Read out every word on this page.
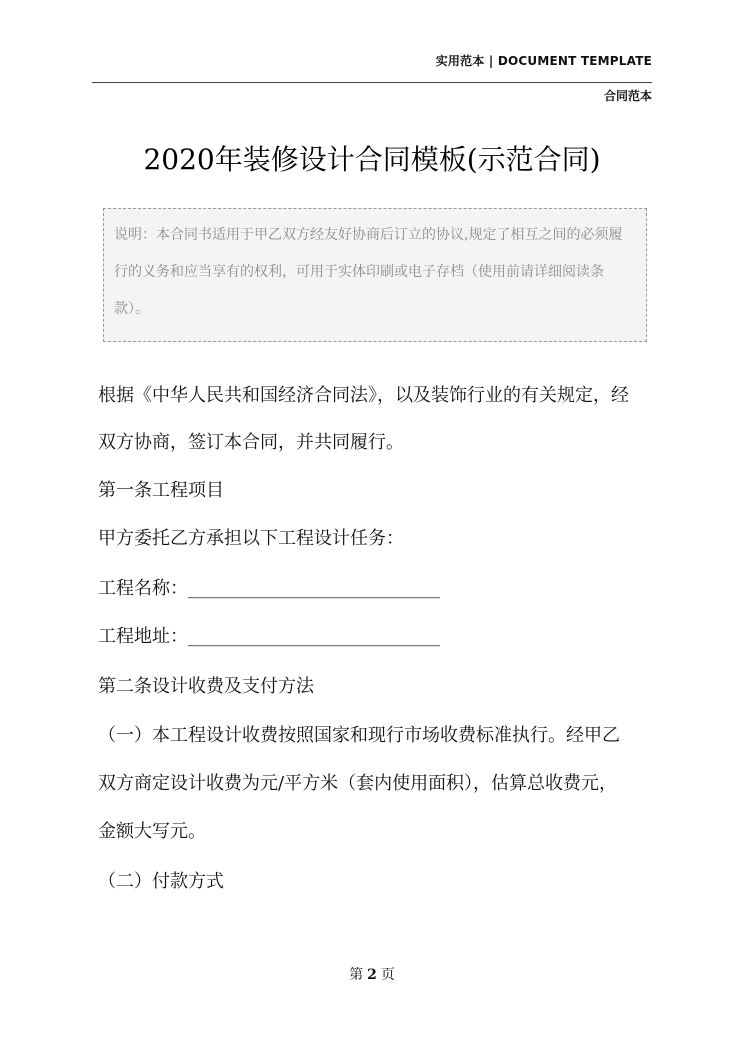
实用范本 | DOCUMENT TEMPLATE
合同范本
2020年装修设计合同模板(示范合同)
说明：本合同书适用于甲乙双方经友好协商后订立的协议,规定了相互之间的必须履行的义务和应当享有的权利，可用于实体印刷或电子存档（使用前请详细阅读条款）。
根据《中华人民共和国经济合同法》，以及装饰行业的有关规定，经
双方协商，签订本合同，并共同履行。
第一条工程项目
甲方委托乙方承担以下工程设计任务：
工程名称：____________________________
工程地址：____________________________
第二条设计收费及支付方法
（一）本工程设计收费按照国家和现行市场收费标准执行。经甲乙
双方商定设计收费为元/平方米（套内使用面积），估算总收费元，
金额大写元。
（二）付款方式
第 2 页
